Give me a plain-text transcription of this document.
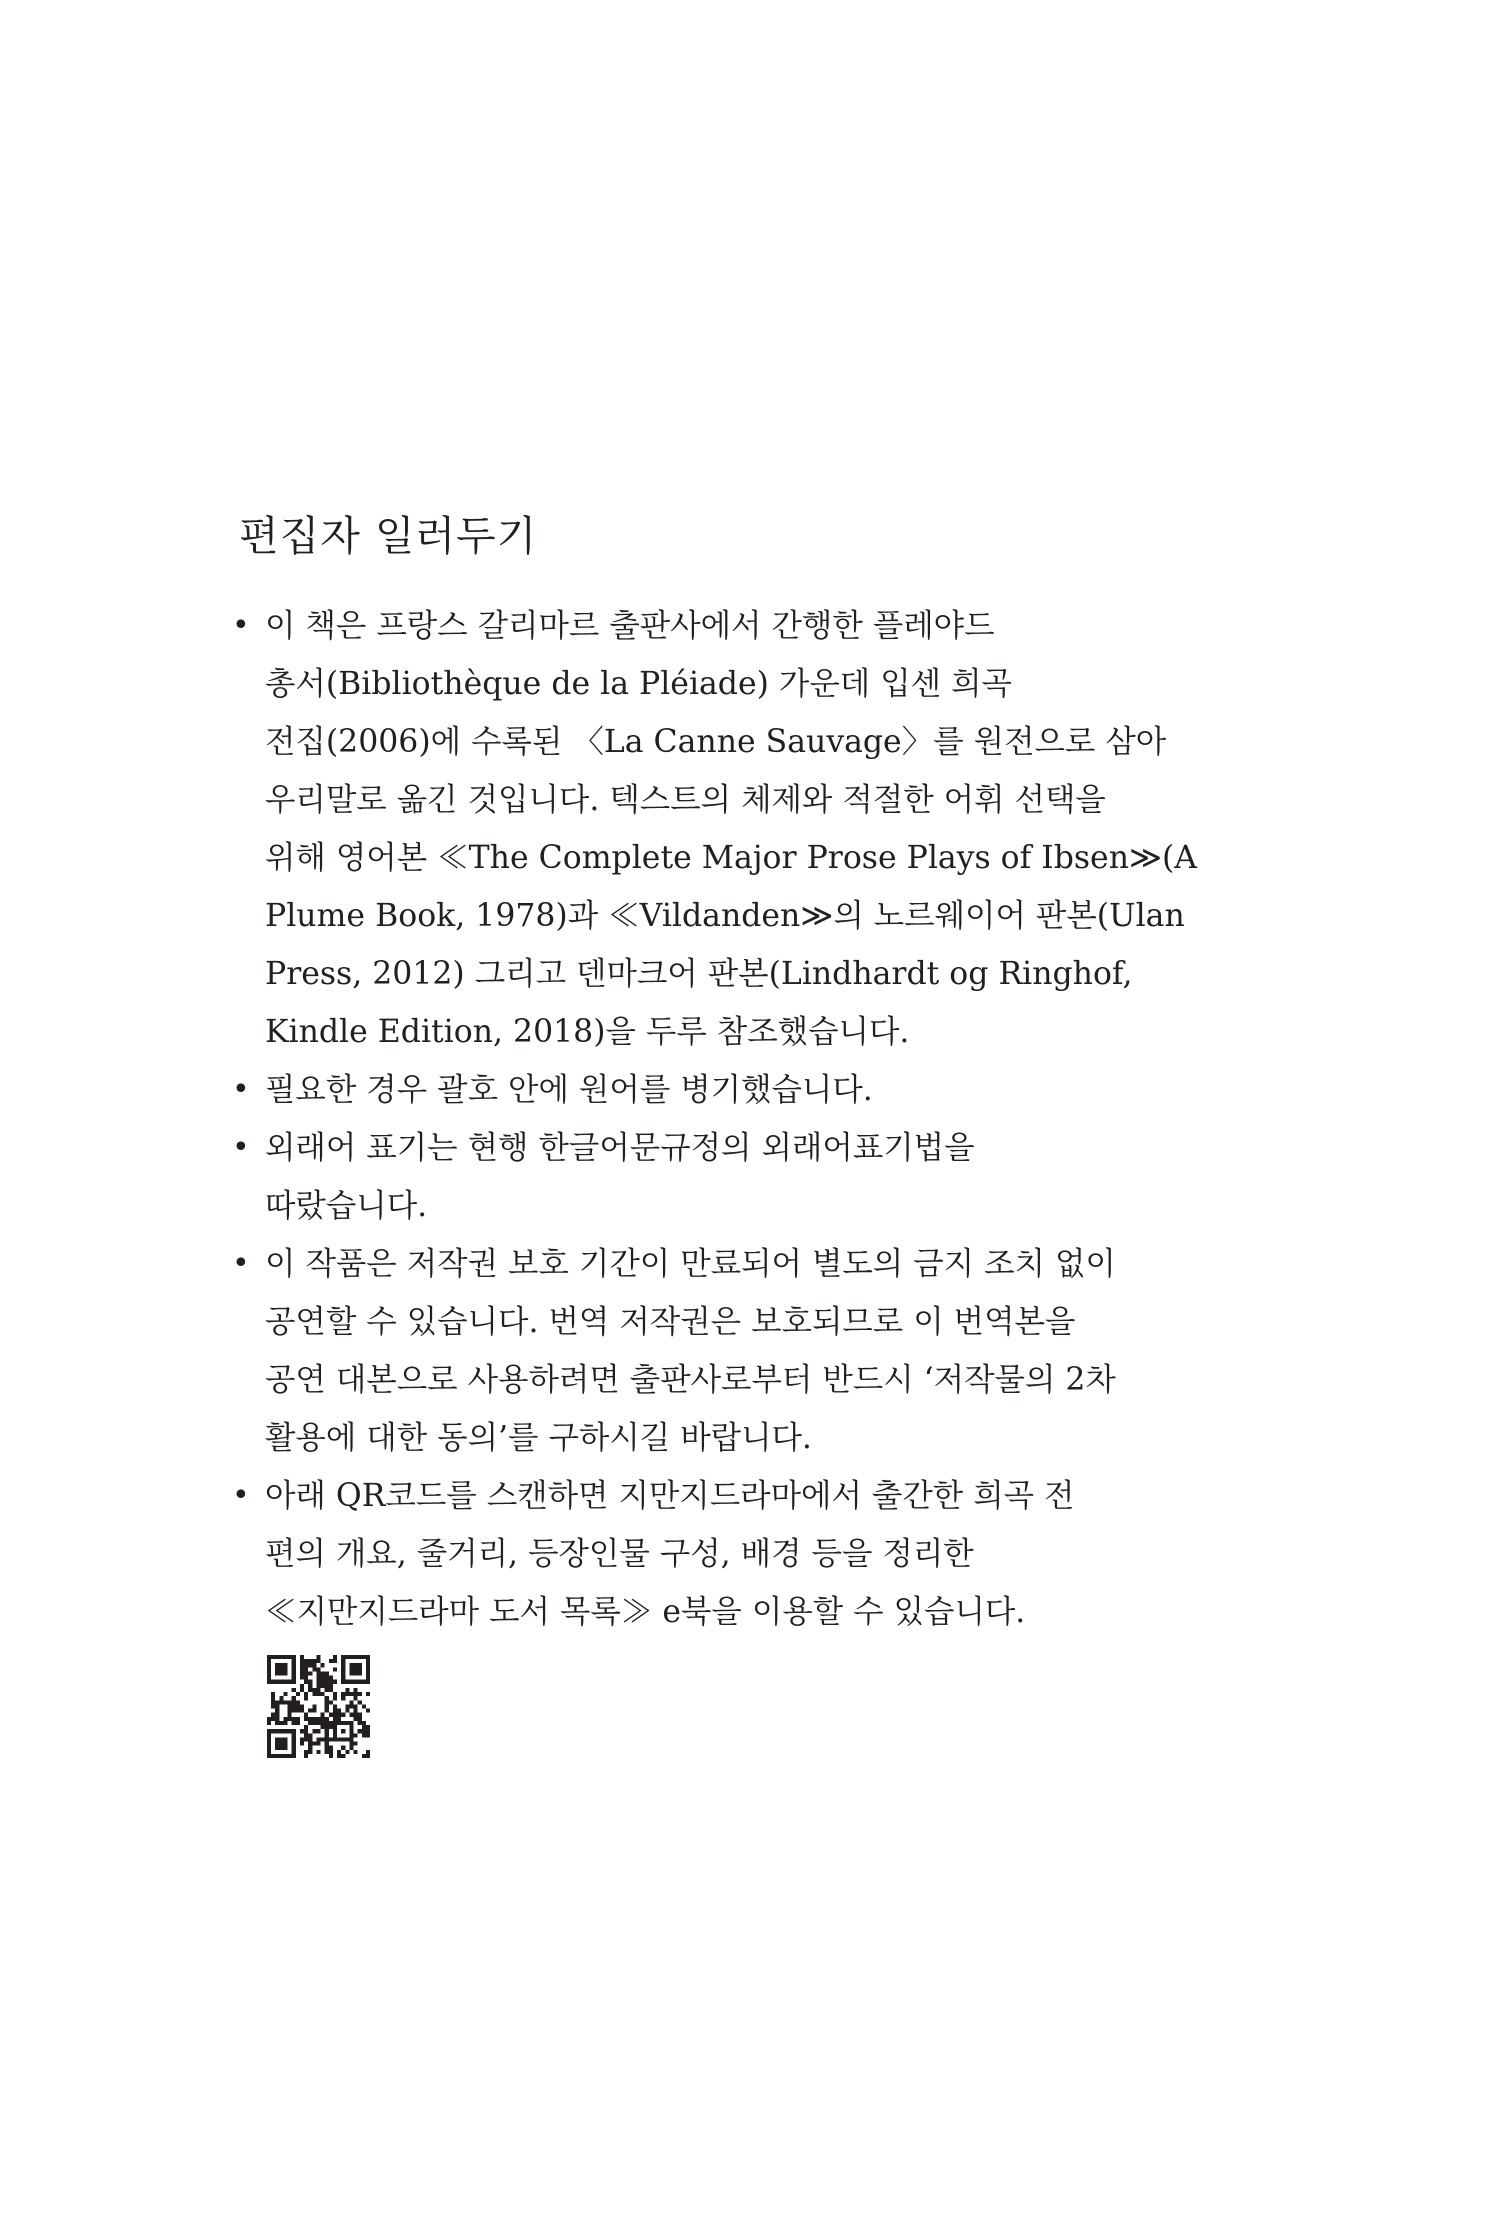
편집자 일러두기
• 이 책은 프랑스 갈리마르 출판사에서 간행한 플레야드
총서(Bibliothèque de la Pléiade) 가운데 입센 희곡
전집(2006)에 수록된 〈La Canne Sauvage〉를 원전으로 삼아
우리말로 옮긴 것입니다. 텍스트의 체제와 적절한 어휘 선택을
위해 영어본 ≪The Complete Major Prose Plays of Ibsen≫(A
Plume Book, 1978)과 ≪Vildanden≫의 노르웨이어 판본(Ulan
Press, 2012) 그리고 덴마크어 판본(Lindhardt og Ringhof,
Kindle Edition, 2018)을 두루 참조했습니다.
• 필요한 경우 괄호 안에 원어를 병기했습니다.
• 외래어 표기는 현행 한글어문규정의 외래어표기법을
따랐습니다.
• 이 작품은 저작권 보호 기간이 만료되어 별도의 금지 조치 없이
공연할 수 있습니다. 번역 저작권은 보호되므로 이 번역본을
공연 대본으로 사용하려면 출판사로부터 반드시 ‘저작물의 2차
활용에 대한 동의’를 구하시길 바랍니다.
• 아래 QR코드를 스캔하면 지만지드라마에서 출간한 희곡 전
편의 개요, 줄거리, 등장인물 구성, 배경 등을 정리한
≪지만지드라마 도서 목록≫ e북을 이용할 수 있습니다.
